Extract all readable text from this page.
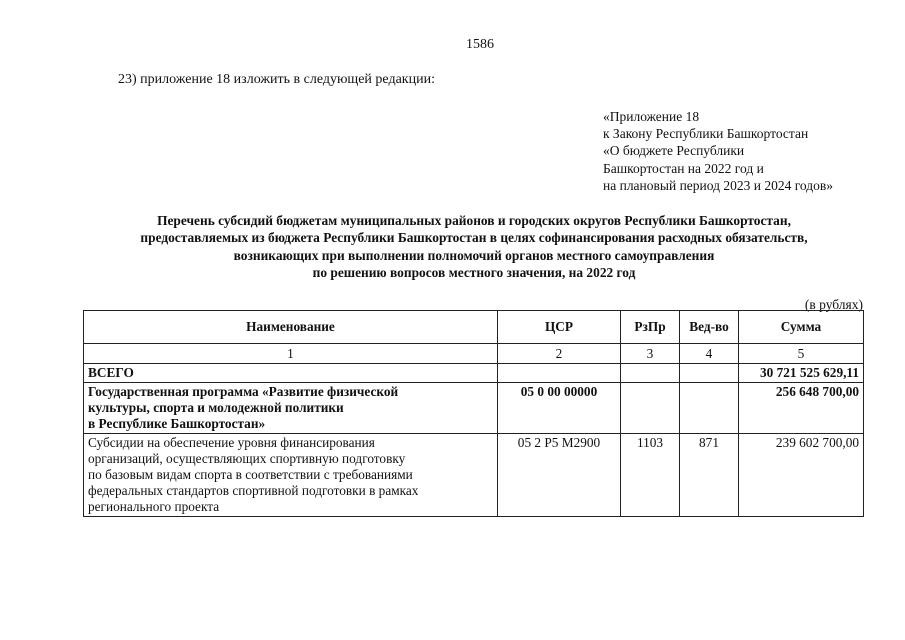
1586
23) приложение 18 изложить в следующей редакции:
«Приложение 18
к Закону Республики Башкортостан
«О бюджете Республики
Башкортостан на 2022 год и
на плановый период 2023 и 2024 годов»
Перечень субсидий бюджетам муниципальных районов и городских округов Республики Башкортостан,
предоставляемых из бюджета Республики Башкортостан в целях софинансирования расходных обязательств,
возникающих при выполнении полномочий органов местного самоуправления
по решению вопросов местного значения, на 2022 год
(в рублях)
Наименование	ЦСР	РзПр	Вед-во	Сумма
1	2	3	4	5
ВСЕГО				30 721 525 629,11

Государственная программа «Развитие физической
культуры, спорта и молодежной политики
в Республике Башкортостан»	05 0 00 00000			256 648 700,00

Субсидии на обеспечение уровня финансирования
организаций, осуществляющих спортивную подготовку
по базовым видам спорта в соответствии с требованиями
федеральных стандартов спортивной подготовки в рамках
регионального проекта	05 2 P5 M2900	1103	871	239 602 700,00
